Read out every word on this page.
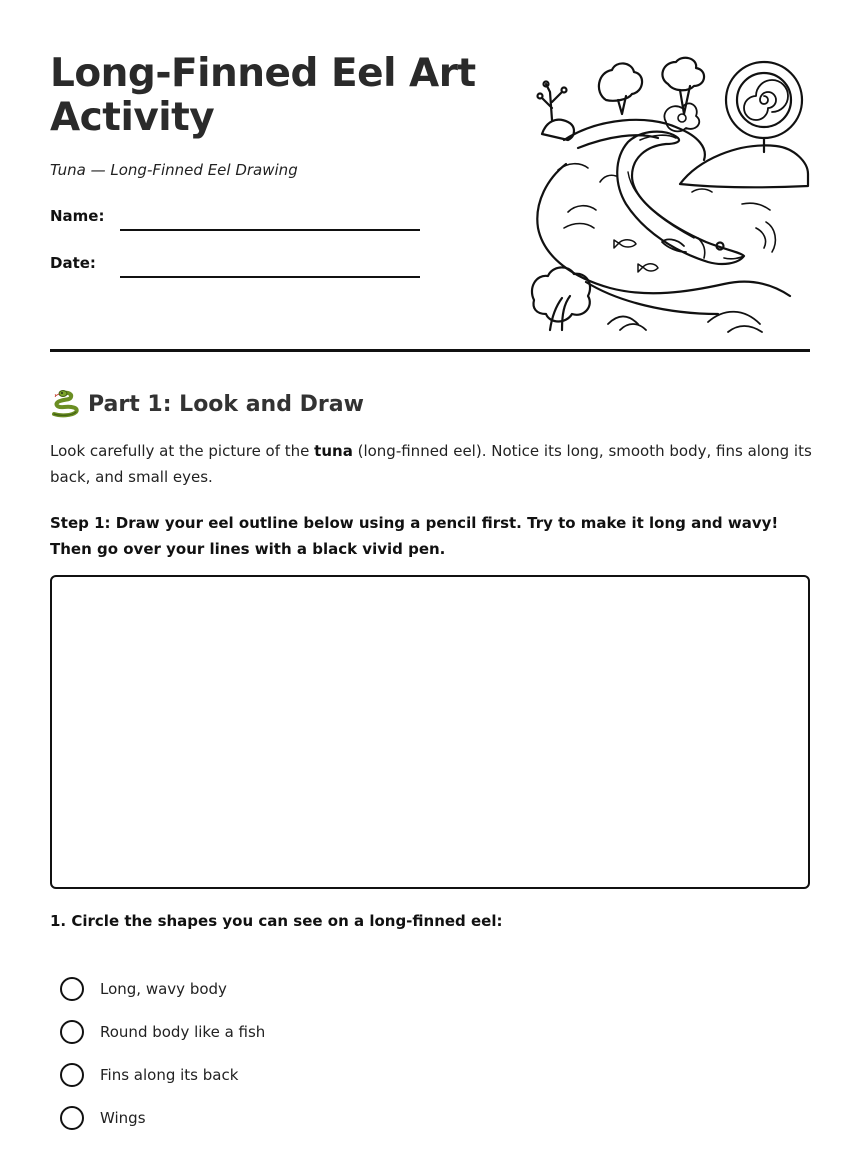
Long-Finned Eel Art Activity

Tuna — Long-Finned Eel Drawing

Name:
Date:
Part 1: Look and Draw

Look carefully at the picture of the tuna (long-finned eel). Notice its long, smooth body, fins along its back, and small eyes.

Step 1: Draw your eel outline below using a pencil first. Try to make it long and wavy! Then go over your lines with a black vivid pen.

1. Circle the shapes you can see on a long-finned eel:

Long, wavy body
Round body like a fish
Fins along its back
Wings
